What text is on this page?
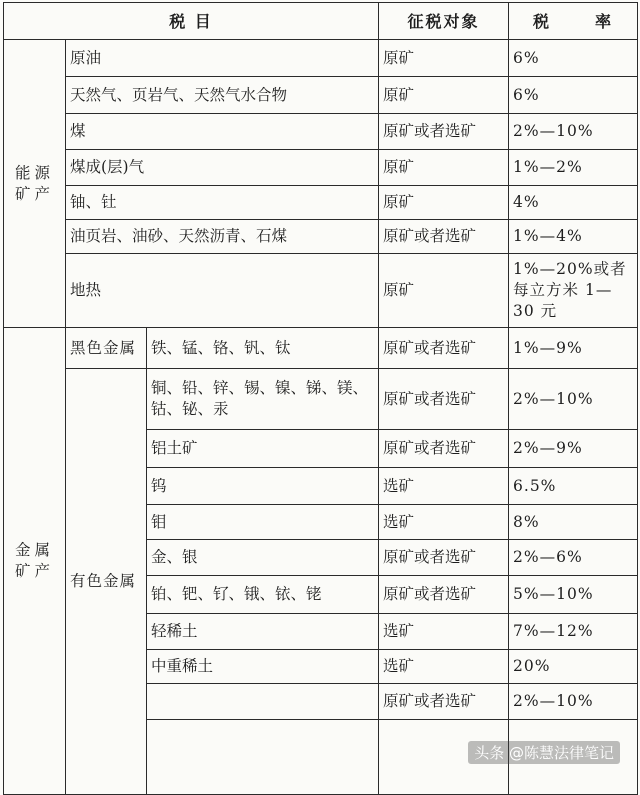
税 目			征税对象	税 率

能源
矿产	原油		原矿	6%
	天然气、页岩气、天然气水合物		原矿	6%
	煤		原矿或者选矿	2%—10%
	煤成(层)气		原矿	1%—2%
	铀、钍		原矿	4%
	油页岩、油砂、天然沥青、石煤		原矿或者选矿	1%—4%
	地热		原矿	1%—20%或者
每立方米 1—
30 元

金属
矿产	黑色金属	铁、锰、铬、钒、钛	原矿或者选矿	1%—9%
	有色金属	铜、铅、锌、锡、镍、锑、镁、
钴、铋、汞	原矿或者选矿	2%—10%
		铝土矿	原矿或者选矿	2%—9%
		钨	选矿	6.5%
		钼	选矿	8%
		金、银	原矿或者选矿	2%—6%
		铂、钯、钌、锇、铱、铑	原矿或者选矿	5%—10%
		轻稀土	选矿	7%—12%
		中重稀土	选矿	20%
			原矿或者选矿	2%—10%

头条 @陈慧法律笔记
